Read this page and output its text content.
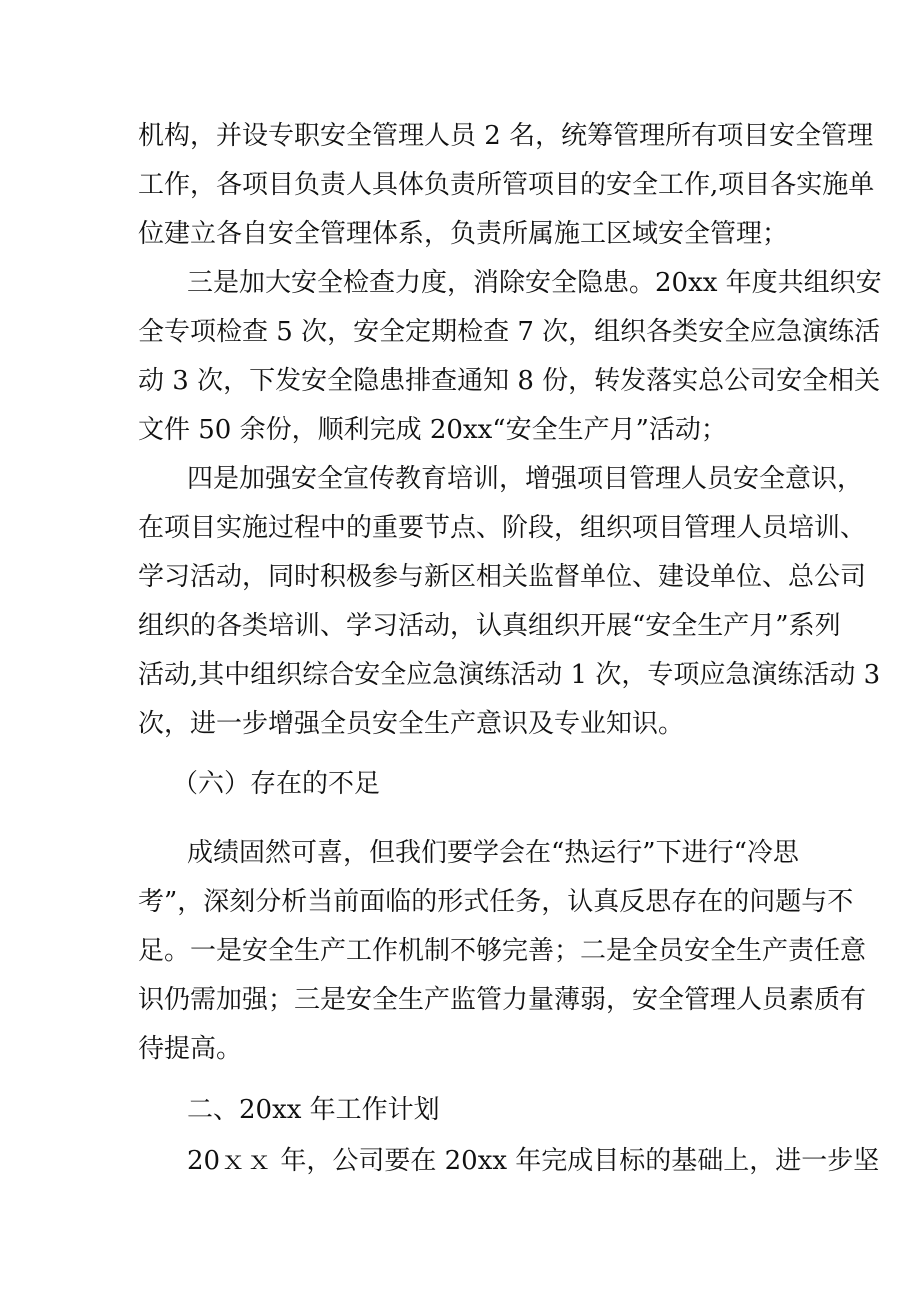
机构，并设专职安全管理人员 2 名，统筹管理所有项目安全管理

工作，各项目负责人具体负责所管项目的安全工作,项目各实施单

位建立各自安全管理体系，负责所属施工区域安全管理；

三是加大安全检查力度，消除安全隐患。20xx 年度共组织安

全专项检查 5 次，安全定期检查 7 次，组织各类安全应急演练活

动 3 次，下发安全隐患排查通知 8 份，转发落实总公司安全相关

文件 50 余份，顺利完成 20xx“安全生产月”活动；

四是加强安全宣传教育培训，增强项目管理人员安全意识，

在项目实施过程中的重要节点、阶段，组织项目管理人员培训、

学习活动，同时积极参与新区相关监督单位、建设单位、总公司

组织的各类培训、学习活动，认真组织开展“安全生产月”系列

活动,其中组织综合安全应急演练活动 1 次，专项应急演练活动 3

次，进一步增强全员安全生产意识及专业知识。

（六）存在的不足

成绩固然可喜，但我们要学会在“热运行”下进行“冷思

考”，深刻分析当前面临的形式任务，认真反思存在的问题与不

足。一是安全生产工作机制不够完善；二是全员安全生产责任意

识仍需加强；三是安全生产监管力量薄弱，安全管理人员素质有

待提高。

二、20xx 年工作计划

20ｘｘ 年，公司要在 20xx 年完成目标的基础上，进一步坚
